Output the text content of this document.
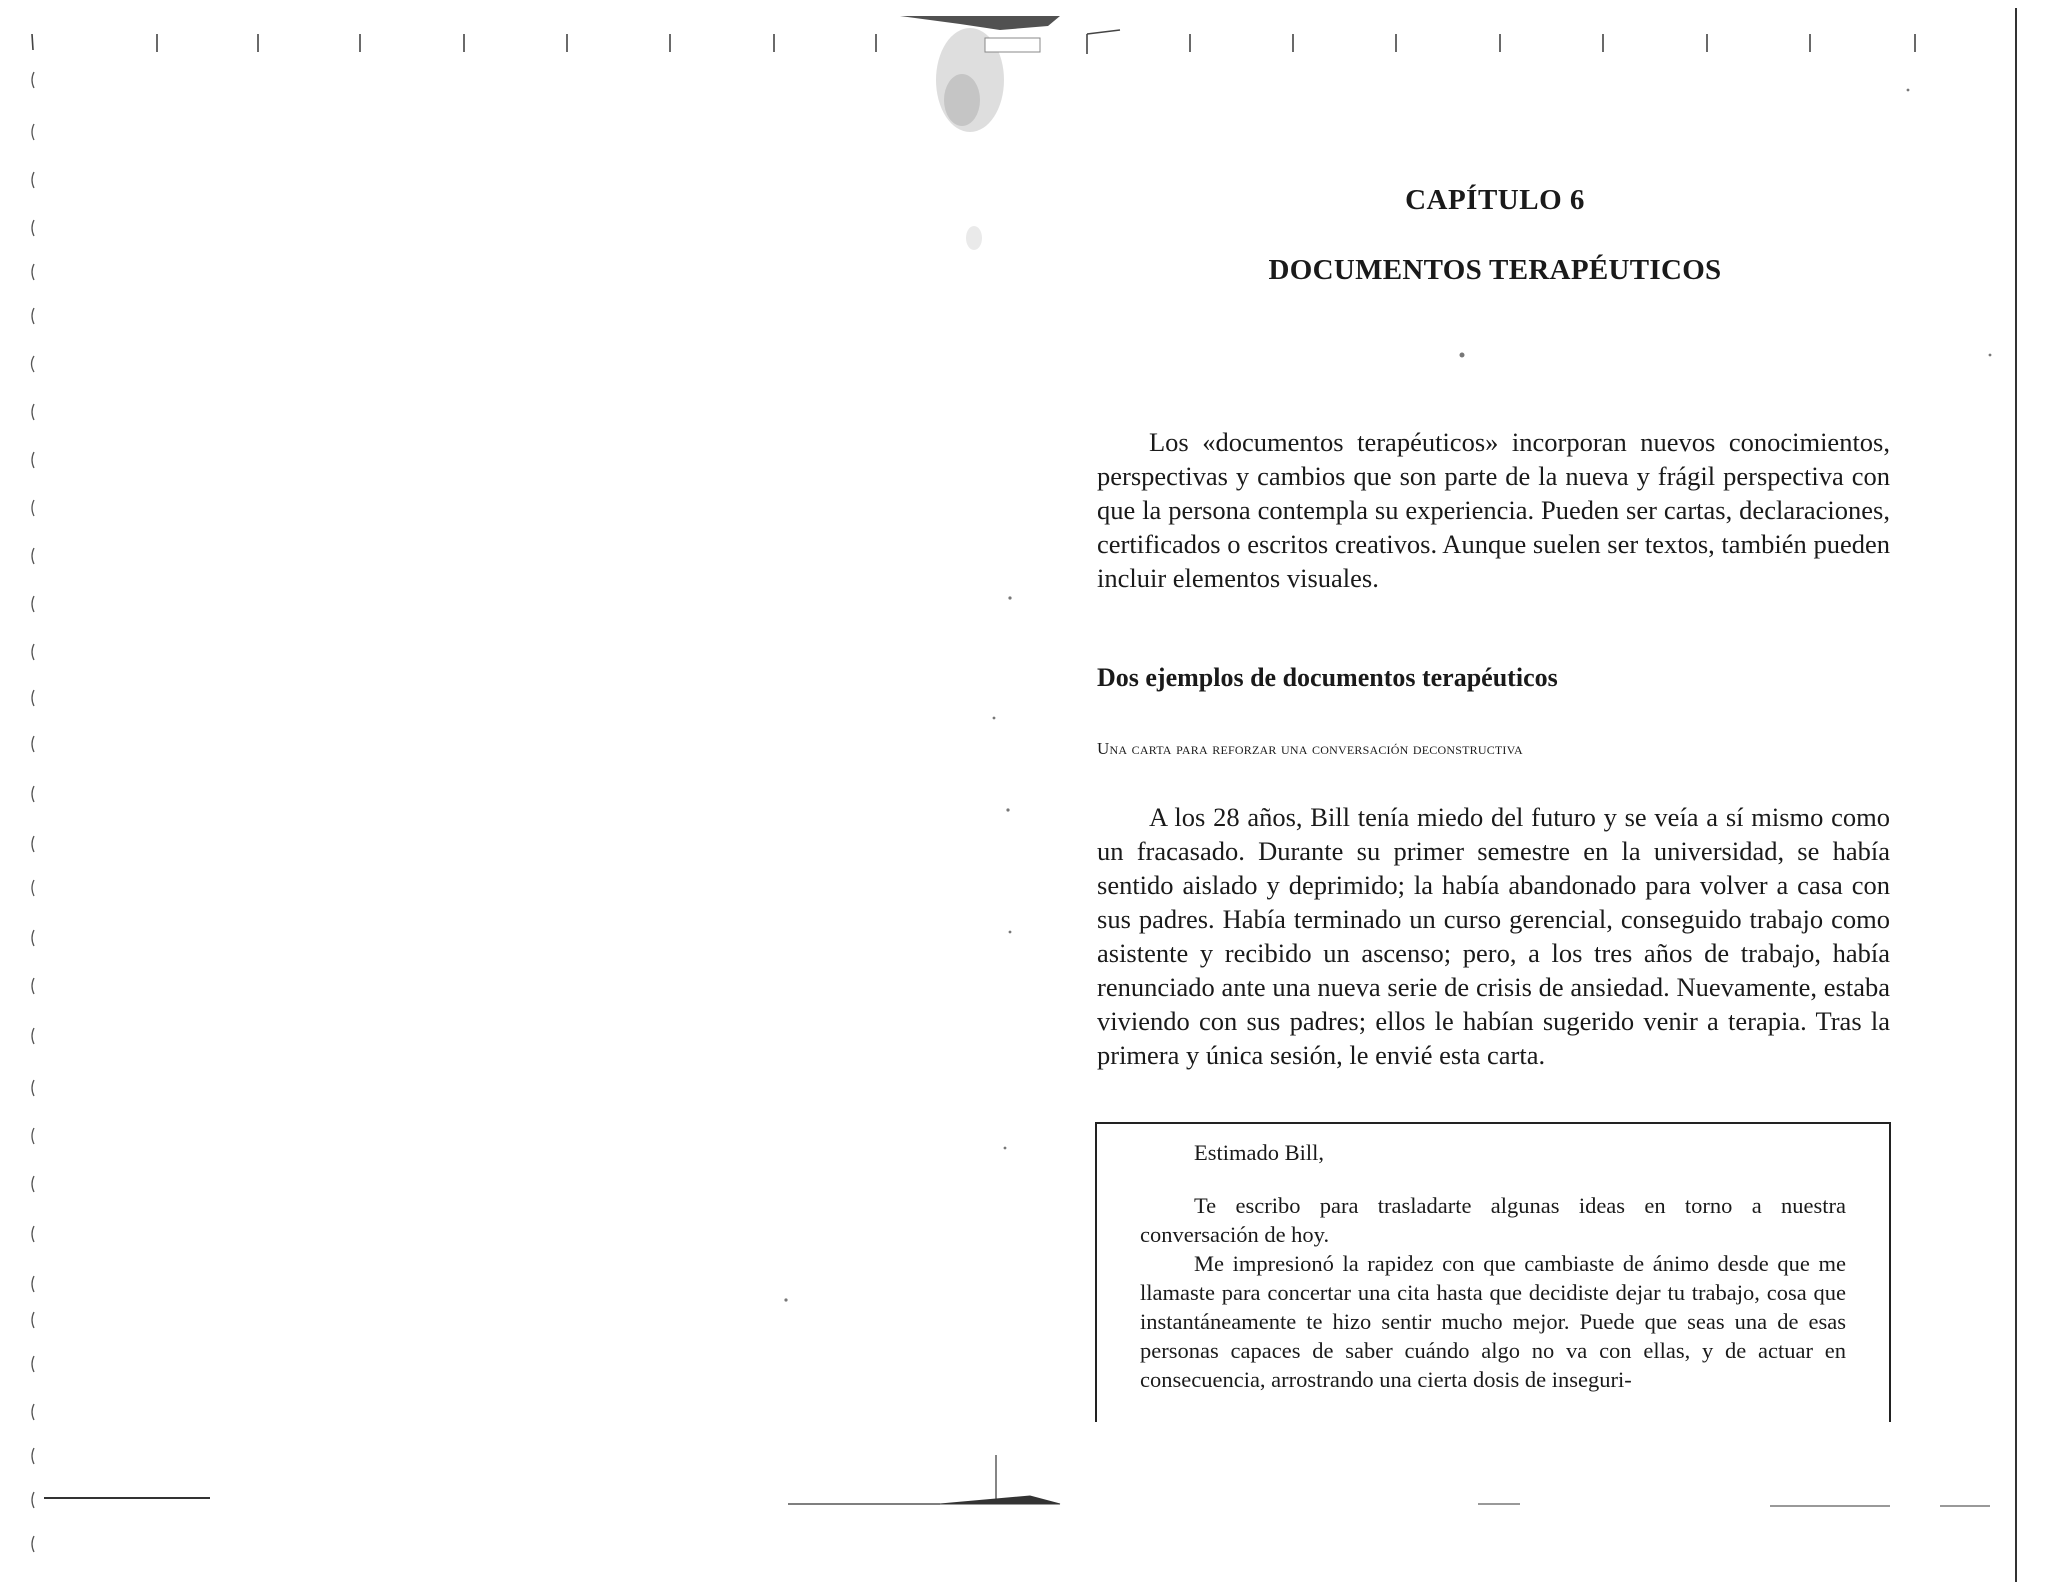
CAPÍTULO 6
DOCUMENTOS TERAPÉUTICOS

Los «documentos terapéuticos» incorporan nuevos conocimientos, perspectivas y cambios que son parte de la nueva y frágil perspectiva con que la persona contempla su experiencia. Pueden ser cartas, declaraciones, certificados o escritos creativos. Aunque suelen ser textos, también pueden incluir elementos visuales.

Dos ejemplos de documentos terapéuticos
Una carta para reforzar una conversación deconstructiva

A los 28 años, Bill tenía miedo del futuro y se veía a sí mismo como un fracasado. Durante su primer semestre en la universidad, se había sentido aislado y deprimido; la había abandonado para volver a casa con sus padres. Había terminado un curso gerencial, conseguido trabajo como asistente y recibido un ascenso; pero, a los tres años de trabajo, había renunciado ante una nueva serie de crisis de ansiedad. Nuevamente, estaba viviendo con sus padres; ellos le habían sugerido venir a terapia. Tras la primera y única sesión, le envié esta carta.

Estimado Bill,

Te escribo para trasladarte algunas ideas en torno a nuestra conversación de hoy.

Me impresionó la rapidez con que cambiaste de ánimo desde que me llamaste para concertar una cita hasta que decidiste dejar tu trabajo, cosa que instantáneamente te hizo sentir mucho mejor. Puede que seas una de esas personas capaces de saber cuándo algo no va con ellas, y de actuar en consecuencia, arrostrando una cierta dosis de inseguri-
